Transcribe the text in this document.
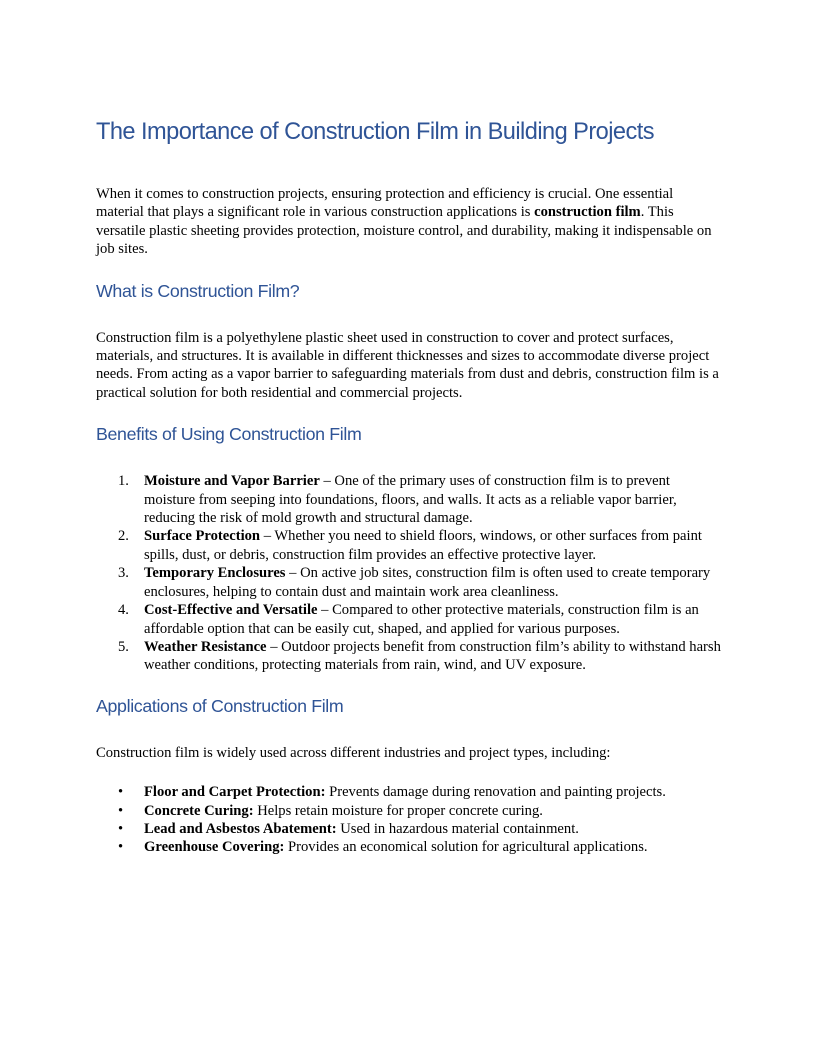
The Importance of Construction Film in Building Projects

When it comes to construction projects, ensuring protection and efficiency is crucial. One essential material that plays a significant role in various construction applications is construction film. This versatile plastic sheeting provides protection, moisture control, and durability, making it indispensable on job sites.

What is Construction Film?

Construction film is a polyethylene plastic sheet used in construction to cover and protect surfaces, materials, and structures. It is available in different thicknesses and sizes to accommodate diverse project needs. From acting as a vapor barrier to safeguarding materials from dust and debris, construction film is a practical solution for both residential and commercial projects.

Benefits of Using Construction Film
1. Moisture and Vapor Barrier – One of the primary uses of construction film is to prevent moisture from seeping into foundations, floors, and walls. It acts as a reliable vapor barrier, reducing the risk of mold growth and structural damage.
2. Surface Protection – Whether you need to shield floors, windows, or other surfaces from paint spills, dust, or debris, construction film provides an effective protective layer.
3. Temporary Enclosures – On active job sites, construction film is often used to create temporary enclosures, helping to contain dust and maintain work area cleanliness.
4. Cost-Effective and Versatile – Compared to other protective materials, construction film is an affordable option that can be easily cut, shaped, and applied for various purposes.
5. Weather Resistance – Outdoor projects benefit from construction film’s ability to withstand harsh weather conditions, protecting materials from rain, wind, and UV exposure.
Applications of Construction Film

Construction film is widely used across different industries and project types, including:

• Floor and Carpet Protection: Prevents damage during renovation and painting projects.
• Concrete Curing: Helps retain moisture for proper concrete curing.
• Lead and Asbestos Abatement: Used in hazardous material containment.
• Greenhouse Covering: Provides an economical solution for agricultural applications.
